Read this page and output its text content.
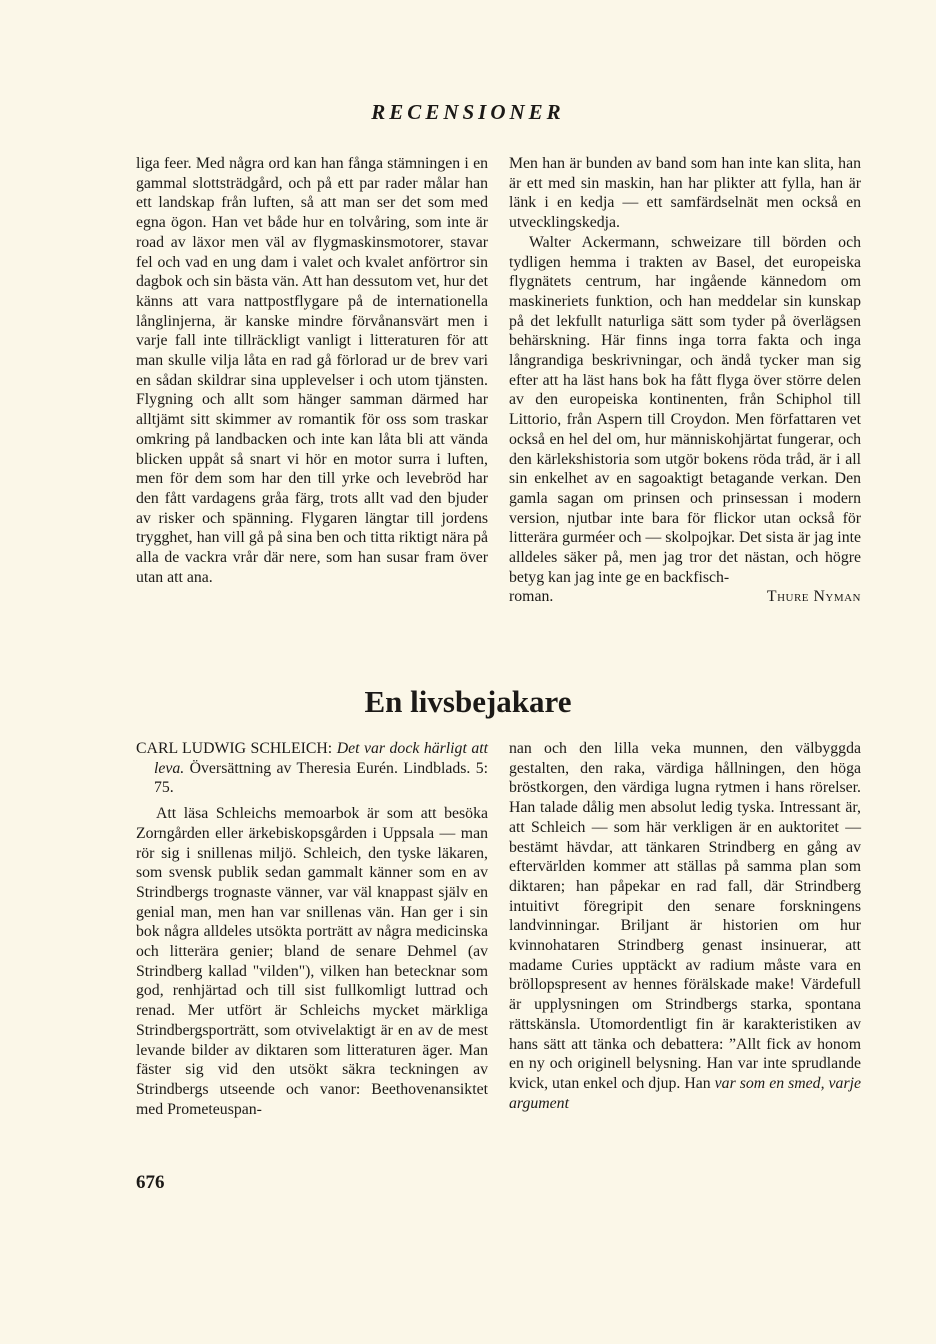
RECENSIONER

liga feer. Med några ord kan han fånga stämningen i en gammal slottsträdgård, och på ett par rader målar han ett landskap från luften, så att man ser det som med egna ögon. Han vet både hur en tolvåring, som inte är road av läxor men väl av flygmaskinsmotorer, stavar fel och vad en ung dam i valet och kvalet anförtror sin dagbok och sin bästa vän. Att han dessutom vet, hur det känns att vara nattpostflygare på de internationella långlinjerna, är kanske mindre förvånansvärt men i varje fall inte tillräckligt vanligt i litteraturen för att man skulle vilja låta en rad gå förlorad ur de brev vari en sådan skildrar sina upplevelser i och utom tjänsten. Flygning och allt som hänger samman därmed har alltjämt sitt skimmer av romantik för oss som traskar omkring på landbacken och inte kan låta bli att vända blicken uppåt så snart vi hör en motor surra i luften, men för dem som har den till yrke och levebröd har den fått vardagens gråa färg, trots allt vad den bjuder av risker och spänning. Flygaren längtar till jordens trygghet, han vill gå på sina ben och titta riktigt nära på alla de vackra vrår där nere, som han susar fram över utan att ana.

Men han är bunden av band som han inte kan slita, han är ett med sin maskin, han har plikter att fylla, han är länk i en kedja — ett samfärdselnät men också en utvecklingskedja.

Walter Ackermann, schweizare till börden och tydligen hemma i trakten av Basel, det europeiska flygnätets centrum, har ingående kännedom om maskineriets funktion, och han meddelar sin kunskap på det lekfullt naturliga sätt som tyder på överlägsen behärskning. Här finns inga torra fakta och inga långrandiga beskrivningar, och ändå tycker man sig efter att ha läst hans bok ha fått flyga över större delen av den europeiska kontinenten, från Schiphol till Littorio, från Aspern till Croydon. Men författaren vet också en hel del om, hur människohjärtat fungerar, och den kärlekshistoria som utgör bokens röda tråd, är i all sin enkelhet av en sagoaktigt betagande verkan. Den gamla sagan om prinsen och prinsessan i modern version, njutbar inte bara för flickor utan också för litterära gurméer och — skolpojkar. Det sista är jag inte alldeles säker på, men jag tror det nästan, och högre betyg kan jag inte ge en backfisch-

roman.	Thure Nyman
En livsbejakare

CARL LUDWIG SCHLEICH: Det var dock härligt att leva. Översättning av Theresia Eurén. Lindblads. 5: 75.

Att läsa Schleichs memoarbok är som att besöka Zorngården eller ärkebiskopsgården i Uppsala — man rör sig i snillenas miljö. Schleich, den tyske läkaren, som svensk publik sedan gammalt känner som en av Strindbergs trognaste vänner, var väl knappast själv en genial man, men han var snillenas vän. Han ger i sin bok några alldeles utsökta porträtt av några medicinska och litterära genier; bland de senare Dehmel (av Strindberg kallad "vilden"), vilken han betecknar som god, renhjärtad och till sist fullkomligt luttrad och renad. Mer utfört är Schleichs mycket märkliga Strindbergsporträtt, som otvivelaktigt är en av de mest levande bilder av diktaren som litteraturen äger. Man fäster sig vid den utsökt säkra teckningen av Strindbergs utseende och vanor: Beethovenansiktet med Prometeuspan-

nan och den lilla veka munnen, den välbyggda gestalten, den raka, värdiga hållningen, den höga bröstkorgen, den värdiga lugna rytmen i hans rörelser. Han talade dålig men absolut ledig tyska. Intressant är, att Schleich — som här verkligen är en auktoritet — bestämt hävdar, att tänkaren Strindberg en gång av eftervärlden kommer att ställas på samma plan som diktaren; han påpekar en rad fall, där Strindberg intuitivt föregripit den senare forskningens landvinningar. Briljant är historien om hur kvinnohataren Strindberg genast insinuerar, att madame Curies upptäckt av radium måste vara en bröllopspresent av hennes förälskade make! Värdefull är upplysningen om Strindbergs starka, spontana rättskänsla. Utomordentligt fin är karakteristiken av hans sätt att tänka och debattera: ”Allt fick av honom en ny och originell belysning. Han var inte sprudlande kvick, utan enkel och djup. Han var som en smed, varje argument

676
